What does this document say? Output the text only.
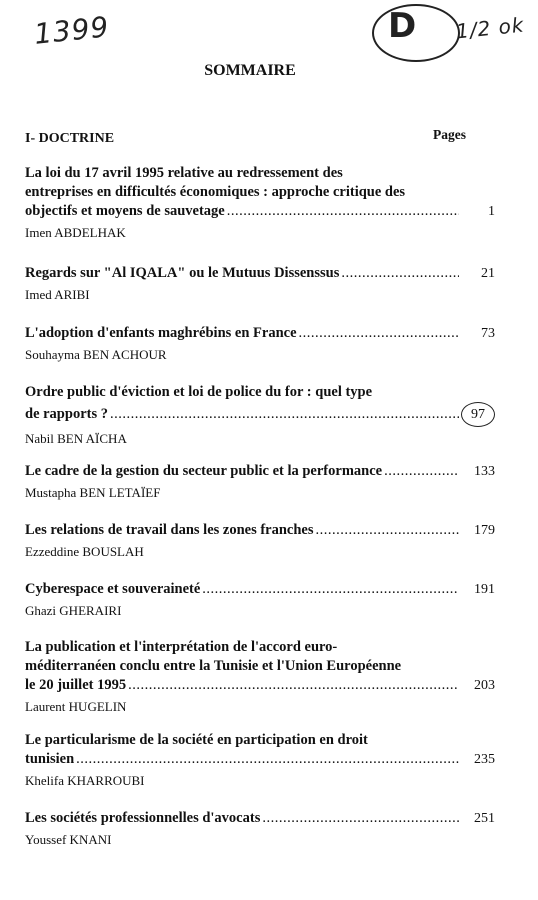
1399	D 1/2 ok
SOMMAIRE
I- DOCTRINE	Pages
La loi du 17 avril 1995 relative au redressement des
entreprises en difficultés économiques : approche critique des
objectifs et moyens de sauvetage .....	1
Imen ABDELHAK
Regards sur "Al IQALA" ou le Mutuus Dissenssus .....	21
Imed ARIBI
L'adoption d'enfants maghrébins en France .....	73
Souhayma BEN ACHOUR
Ordre public d'éviction et loi de police du for : quel type
de rapports ? .....	97
Nabil BEN AÏCHA
Le cadre de la gestion du secteur public et la performance .....	133
Mustapha BEN LETAÏEF
Les relations de travail dans les zones franches .....	179
Ezzeddine BOUSLAH
Cyberespace et souveraineté .....	191
Ghazi GHERAIRI
La publication et l'interprétation de l'accord euro-
méditerranéen conclu entre la Tunisie et l'Union Européenne
le 20 juillet 1995 .....	203
Laurent HUGELIN
Le particularisme de la société en participation en droit
tunisien .....	235
Khelifa KHARROUBI
Les sociétés professionnelles d'avocats .....	251
Youssef KNANI
